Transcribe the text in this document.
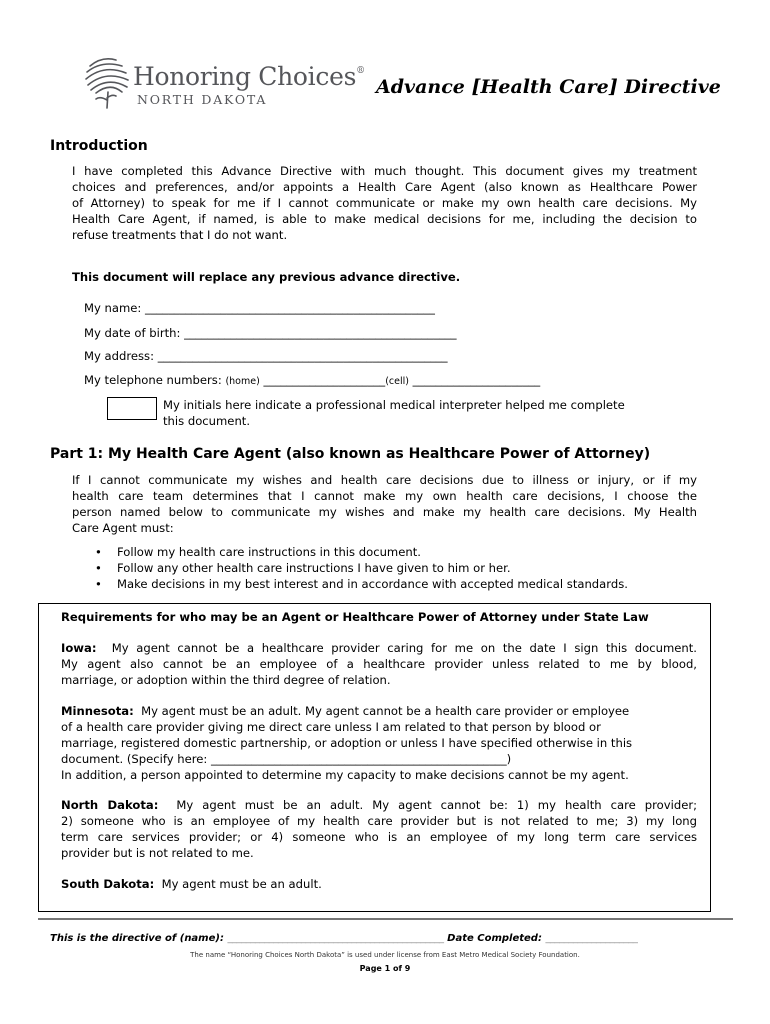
Honoring Choices®
NORTH DAKOTA
Advance [Health Care] Directive
Introduction
I have completed this Advance Directive with much thought. This document gives my treatment
choices and preferences, and/or appoints a Health Care Agent (also known as Healthcare Power
of Attorney) to speak for me if I cannot communicate or make my own health care decisions. My
Health Care Agent, if named, is able to make medical decisions for me, including the decision to
refuse treatments that I do not want.
This document will replace any previous advance directive.
My name: __________________________________________________
My date of birth: _______________________________________________
My address: __________________________________________________
My telephone numbers: (home) _____________________(cell) ______________________
My initials here indicate a professional medical interpreter helped me complete
this document.
Part 1: My Health Care Agent (also known as Healthcare Power of Attorney)
If I cannot communicate my wishes and health care decisions due to illness or injury, or if my
health care team determines that I cannot make my own health care decisions, I choose the
person named below to communicate my wishes and make my health care decisions. My Health
Care Agent must:
• Follow my health care instructions in this document.
• Follow any other health care instructions I have given to him or her.
• Make decisions in my best interest and in accordance with accepted medical standards.
Requirements for who may be an Agent or Healthcare Power of Attorney under State Law
Iowa: My agent cannot be a healthcare provider caring for me on the date I sign this document.
My agent also cannot be an employee of a healthcare provider unless related to me by blood,
marriage, or adoption within the third degree of relation.
Minnesota: My agent must be an adult. My agent cannot be a health care provider or employee
of a health care provider giving me direct care unless I am related to that person by blood or
marriage, registered domestic partnership, or adoption or unless I have specified otherwise in this
document. (Specify here: ___________________________________________________)
In addition, a person appointed to determine my capacity to make decisions cannot be my agent.
North Dakota: My agent must be an adult. My agent cannot be: 1) my health care provider;
2) someone who is an employee of my health care provider but is not related to me; 3) my long
term care services provider; or 4) someone who is an employee of my long term care services
provider but is not related to me.
South Dakota: My agent must be an adult.
This is the directive of (name): _______________________________________________ Date Completed: ____________________
The name “Honoring Choices North Dakota” is used under license from East Metro Medical Society Foundation.
Page 1 of 9
